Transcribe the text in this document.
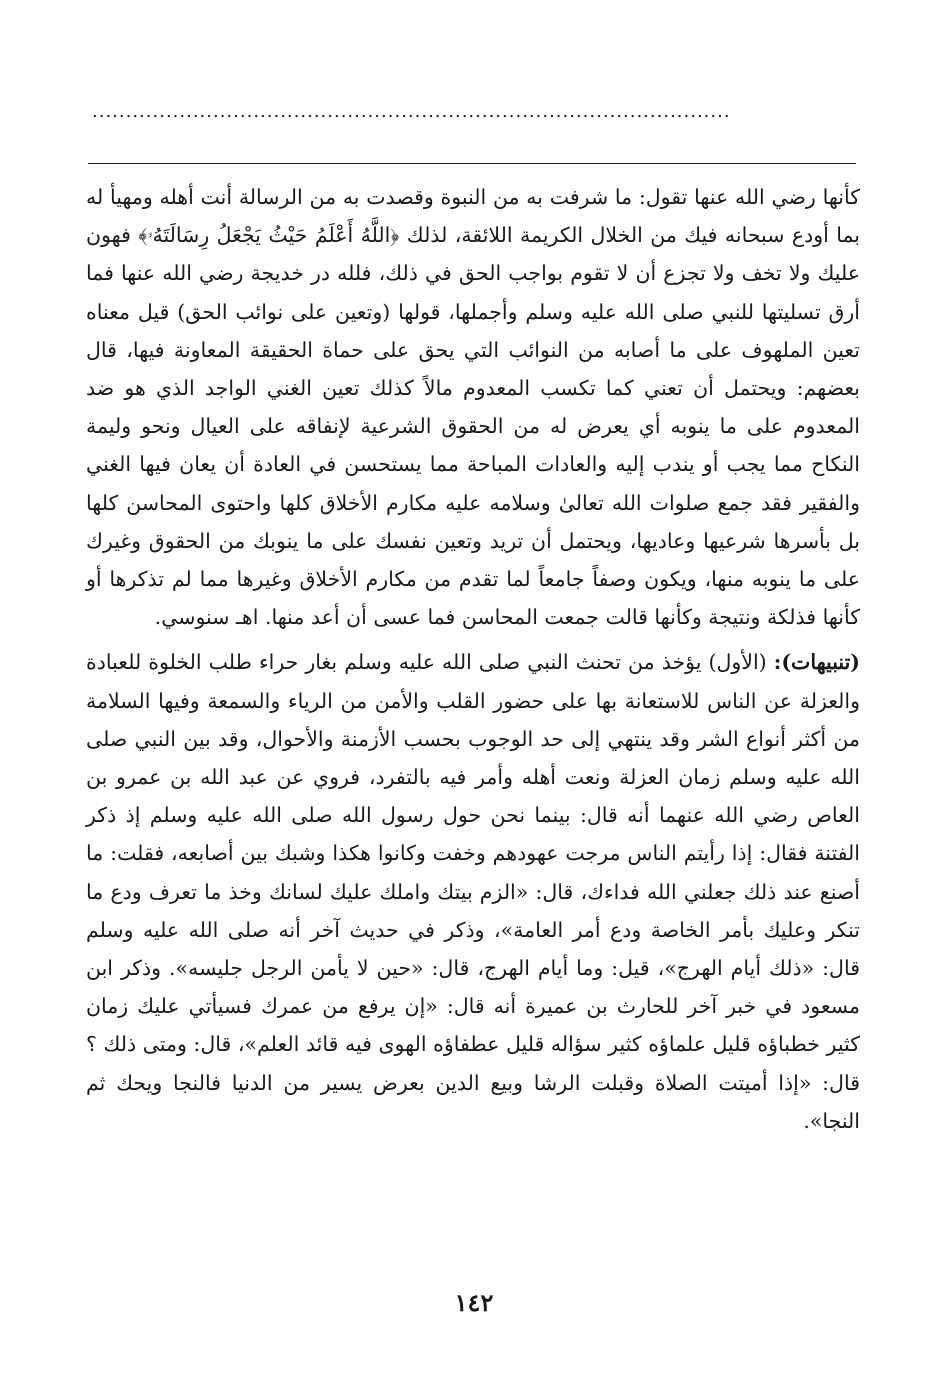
...............................................................................................

كأنها رضي الله عنها تقول: ما شرفت به من النبوة وقصدت به من الرسالة أنت أهله ومهيأ له بما أودع سبحانه فيك من الخلال الكريمة اللائقة، لذلك ﴿اللَّهُ أَعْلَمُ حَيْثُ يَجْعَلُ رِسَالَتَهُۥ﴾ فهون عليك ولا تخف ولا تجزع أن لا تقوم بواجب الحق في ذلك، فلله در خديجة رضي الله عنها فما أرق تسليتها للنبي صلى الله عليه وسلم وأجملها، قولها (وتعين على نوائب الحق) قيل معناه تعين الملهوف على ما أصابه من النوائب التي يحق على حماة الحقيقة المعاونة فيها، قال بعضهم: ويحتمل أن تعني كما تكسب المعدوم مالاً كذلك تعين الغني الواجد الذي هو ضد المعدوم على ما ينوبه أي يعرض له من الحقوق الشرعية لإنفاقه على العيال ونحو وليمة النكاح مما يجب أو يندب إليه والعادات المباحة مما يستحسن في العادة أن يعان فيها الغني والفقير فقد جمع صلوات الله تعالىٰ وسلامه عليه مكارم الأخلاق كلها واحتوى المحاسن كلها بل بأسرها شرعيها وعاديها، ويحتمل أن تريد وتعين نفسك على ما ينوبك من الحقوق وغيرك على ما ينوبه منها، ويكون وصفاً جامعاً لما تقدم من مكارم الأخلاق وغيرها مما لم تذكرها أو كأنها فذلكة ونتيجة وكأنها قالت جمعت المحاسن فما عسى أن أعد منها. اهـ سنوسي.

(تنبيهات): (الأول) يؤخذ من تحنث النبي صلى الله عليه وسلم بغار حراء طلب الخلوة للعبادة والعزلة عن الناس للاستعانة بها على حضور القلب والأمن من الرياء والسمعة وفيها السلامة من أكثر أنواع الشر وقد ينتهي إلى حد الوجوب بحسب الأزمنة والأحوال، وقد بين النبي صلى الله عليه وسلم زمان العزلة ونعت أهله وأمر فيه بالتفرد، فروي عن عبد الله بن عمرو بن العاص رضي الله عنهما أنه قال: بينما نحن حول رسول الله صلى الله عليه وسلم إذ ذكر الفتنة فقال: إذا رأيتم الناس مرجت عهودهم وخفت وكانوا هكذا وشبك بين أصابعه، فقلت: ما أصنع عند ذلك جعلني الله فداءك، قال: «الزم بيتك واملك عليك لسانك وخذ ما تعرف ودع ما تنكر وعليك بأمر الخاصة ودع أمر العامة»، وذكر في حديث آخر أنه صلى الله عليه وسلم قال: «ذلك أيام الهرج»، قيل: وما أيام الهرج، قال: «حين لا يأمن الرجل جليسه». وذكر ابن مسعود في خبر آخر للحارث بن عميرة أنه قال: «إن يرفع من عمرك فسيأتي عليك زمان كثير خطباؤه قليل علماؤه كثير سؤاله قليل عطفاؤه الهوى فيه قائد العلم»، قال: ومتى ذلك ؟ قال: «إذا أميتت الصلاة وقبلت الرشا وبيع الدين بعرض يسير من الدنيا فالنجا ويحك ثم النجا».

١٤٢
